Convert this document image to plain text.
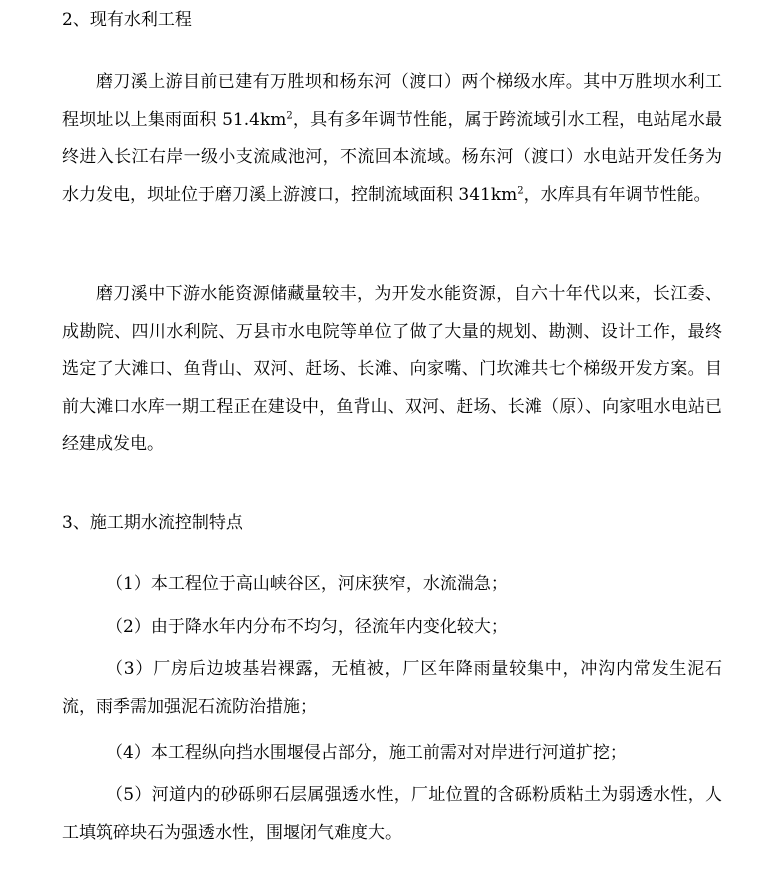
2、现有水利工程

磨刀溪上游目前已建有万胜坝和杨东河（渡口）两个梯级水库。其中万胜坝水利工程坝址以上集雨面积 $51.4km^2$，具有多年调节性能，属于跨流域引水工程，电站尾水最终进入长江右岸一级小支流咸池河，不流回本流域。杨东河（渡口）水电站开发任务为水力发电，坝址位于磨刀溪上游渡口，控制流域面积 $341km^2$，水库具有年调节性能。

磨刀溪中下游水能资源储藏量较丰，为开发水能资源，自六十年代以来，长江委、成勘院、四川水利院、万县市水电院等单位了做了大量的规划、勘测、设计工作，最终选定了大滩口、鱼背山、双河、赶场、长滩、向家嘴、门坎滩共七个梯级开发方案。目前大滩口水库一期工程正在建设中，鱼背山、双河、赶场、长滩（原）、向家咀水电站已经建成发电。

3、施工期水流控制特点

（1）本工程位于高山峡谷区，河床狭窄，水流湍急；

（2）由于降水年内分布不均匀，径流年内变化较大；

（3）厂房后边坡基岩裸露，无植被，厂区年降雨量较集中，冲沟内常发生泥石流，雨季需加强泥石流防治措施；

（4）本工程纵向挡水围堰侵占部分，施工前需对对岸进行河道扩挖；

（5）河道内的砂砾卵石层属强透水性，厂址位置的含砾粉质粘土为弱透水性，人工填筑碎块石为强透水性，围堰闭气难度大。
